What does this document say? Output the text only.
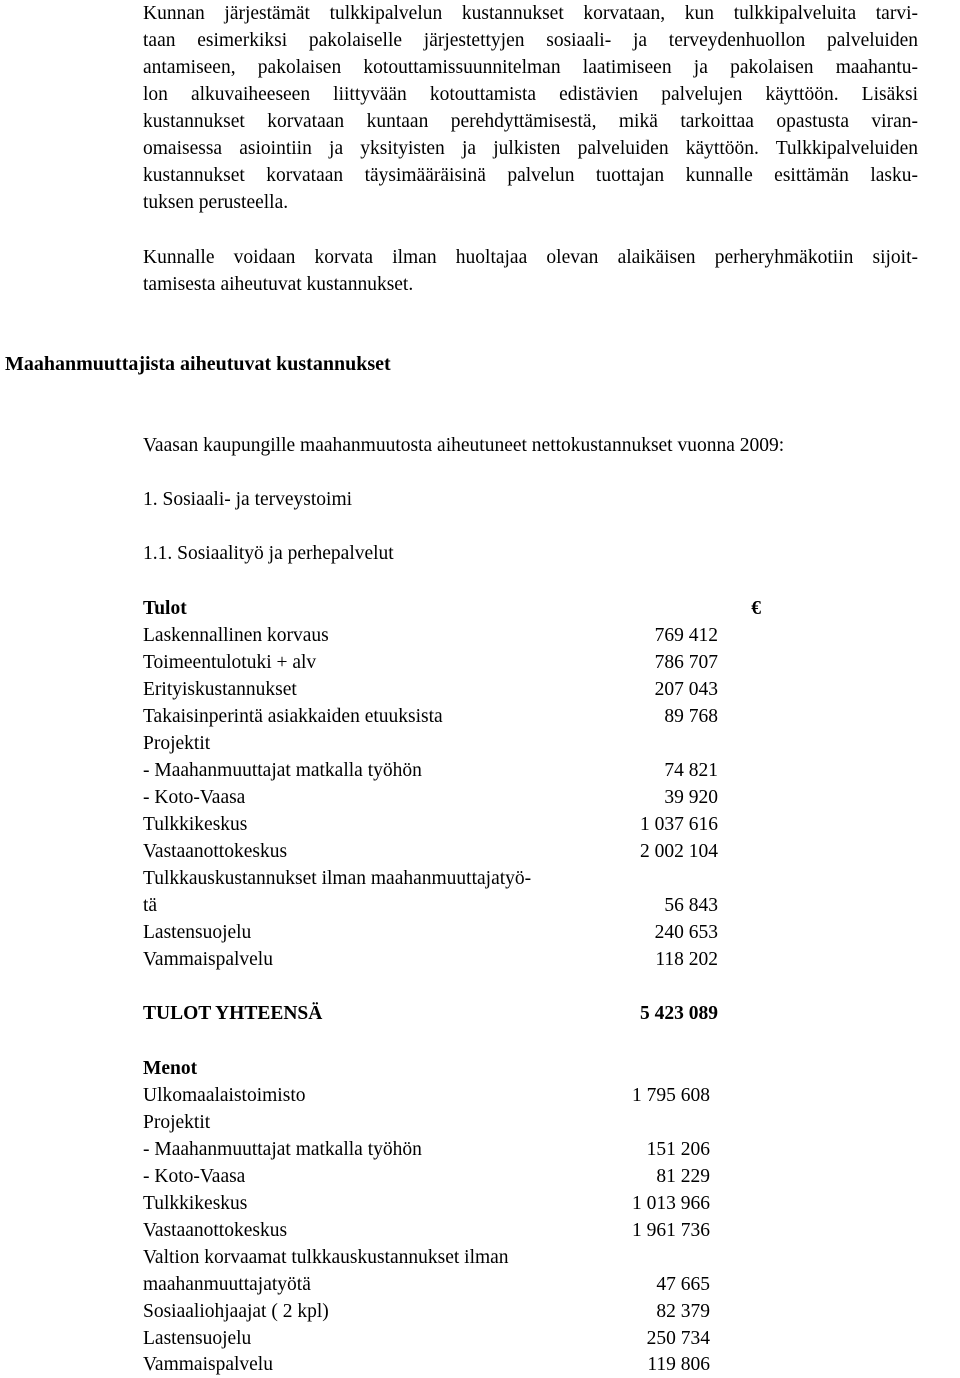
Kunnan järjestämät tulkkipalvelun kustannukset korvataan, kun tulkkipalveluita tarvi-
taan esimerkiksi pakolaiselle järjestettyjen sosiaali- ja terveydenhuollon palveluiden
antamiseen, pakolaisen kotouttamissuunnitelman laatimiseen ja pakolaisen maahantu-
lon alkuvaiheeseen liittyvään kotouttamista edistävien palvelujen käyttöön. Lisäksi
kustannukset korvataan kuntaan perehdyttämisestä, mikä tarkoittaa opastusta viran-
omaisessa asiointiin ja yksityisten ja julkisten palveluiden käyttöön. Tulkkipalveluiden
kustannukset korvataan täysimääräisinä palvelun tuottajan kunnalle esittämän lasku-
tuksen perusteella.
Kunnalle voidaan korvata ilman huoltajaa olevan alaikäisen perheryhmäkotiin sijoit-
tamisesta aiheutuvat kustannukset.
Maahanmuuttajista aiheutuvat kustannukset
Vaasan kaupungille maahanmuutosta aiheutuneet nettokustannukset vuonna 2009:
1. Sosiaali- ja terveystoimi
1.1. Sosiaalityö ja perhepalvelut
Tulot	€
Laskennallinen korvaus	769 412
Toimeentulotuki + alv	786 707
Erityiskustannukset	207 043
Takaisinperintä asiakkaiden etuuksista	89 768
Projektit
- Maahanmuuttajat matkalla työhön	74 821
- Koto-Vaasa	39 920
Tulkkikeskus	1 037 616
Vastaanottokeskus	2 002 104
Tulkkauskustannukset ilman maahanmuuttajatyö-
tä	56 843
Lastensuojelu	240 653
Vammaispalvelu	118 202
TULOT YHTEENSÄ	5 423 089
Menot
Ulkomaalaistoimisto	1 795 608
Projektit
- Maahanmuuttajat matkalla työhön	151 206
- Koto-Vaasa	81 229
Tulkkikeskus	1 013 966
Vastaanottokeskus	1 961 736
Valtion korvaamat tulkkauskustannukset ilman
maahanmuuttajatyötä	47 665
Sosiaaliohjaajat ( 2 kpl)	82 379
Lastensuojelu	250 734
Vammaispalvelu	119 806
